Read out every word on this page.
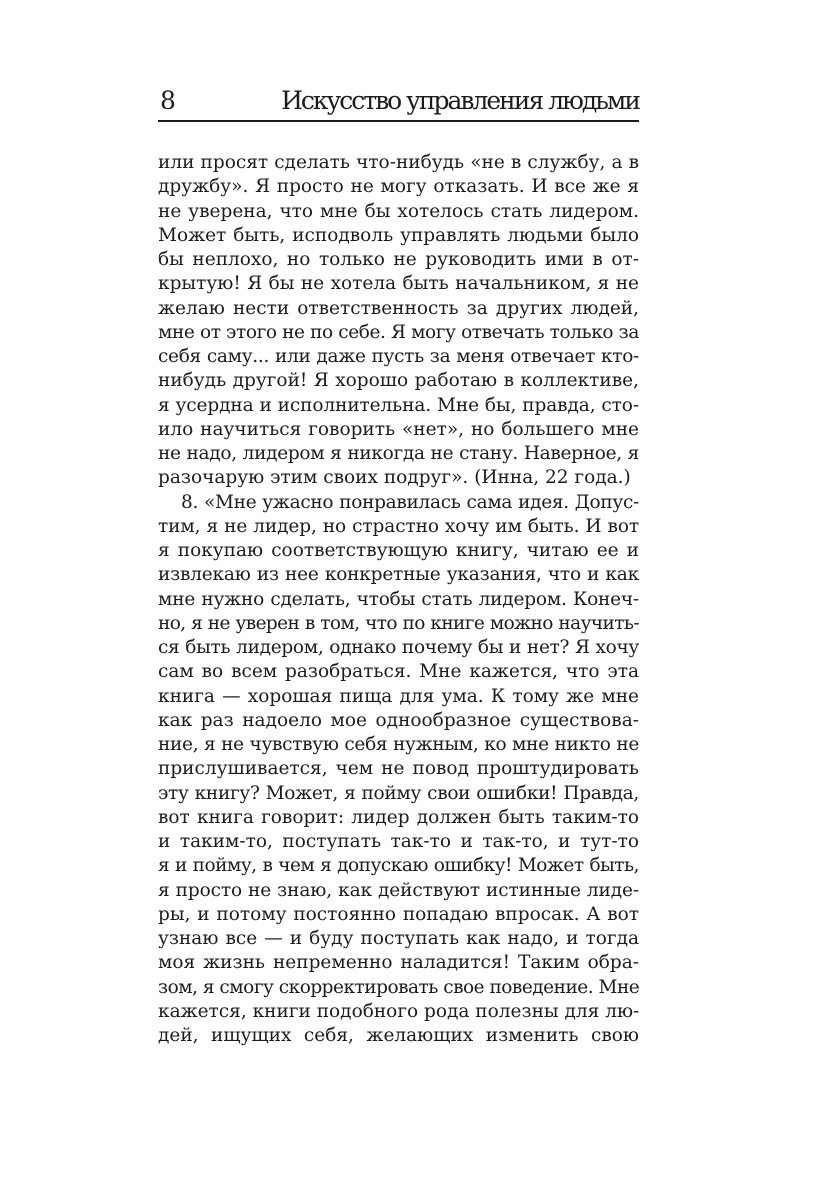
8	Искусство управления людьми
или просят сделать что-нибудь «не в службу, а в
дружбу». Я просто не могу отказать. И все же я
не уверена, что мне бы хотелось стать лидером.
Может быть, исподволь управлять людьми было
бы неплохо, но только не руководить ими в от-
крытую! Я бы не хотела быть начальником, я не
желаю нести ответственность за других людей,
мне от этого не по себе. Я могу отвечать только за
себя саму... или даже пусть за меня отвечает кто-
нибудь другой! Я хорошо работаю в коллективе,
я усердна и исполнительна. Мне бы, правда, сто-
ило научиться говорить «нет», но большего мне
не надо, лидером я никогда не стану. Наверное, я
разочарую этим своих подруг». (Инна, 22 года.)
8. «Мне ужасно понравилась сама идея. Допус-
тим, я не лидер, но страстно хочу им быть. И вот
я покупаю соответствующую книгу, читаю ее и
извлекаю из нее конкретные указания, что и как
мне нужно сделать, чтобы стать лидером. Конеч-
но, я не уверен в том, что по книге можно научить-
ся быть лидером, однако почему бы и нет? Я хочу
сам во всем разобраться. Мне кажется, что эта
книга — хорошая пища для ума. К тому же мне
как раз надоело мое однообразное существова-
ние, я не чувствую себя нужным, ко мне никто не
прислушивается, чем не повод проштудировать
эту книгу? Может, я пойму свои ошибки! Правда,
вот книга говорит: лидер должен быть таким-то
и таким-то, поступать так-то и так-то, и тут-то
я и пойму, в чем я допускаю ошибку! Может быть,
я просто не знаю, как действуют истинные лиде-
ры, и потому постоянно попадаю впросак. А вот
узнаю все — и буду поступать как надо, и тогда
моя жизнь непременно наладится! Таким обра-
зом, я смогу скорректировать свое поведение. Мне
кажется, книги подобного рода полезны для лю-
дей, ищущих себя, желающих изменить свою
